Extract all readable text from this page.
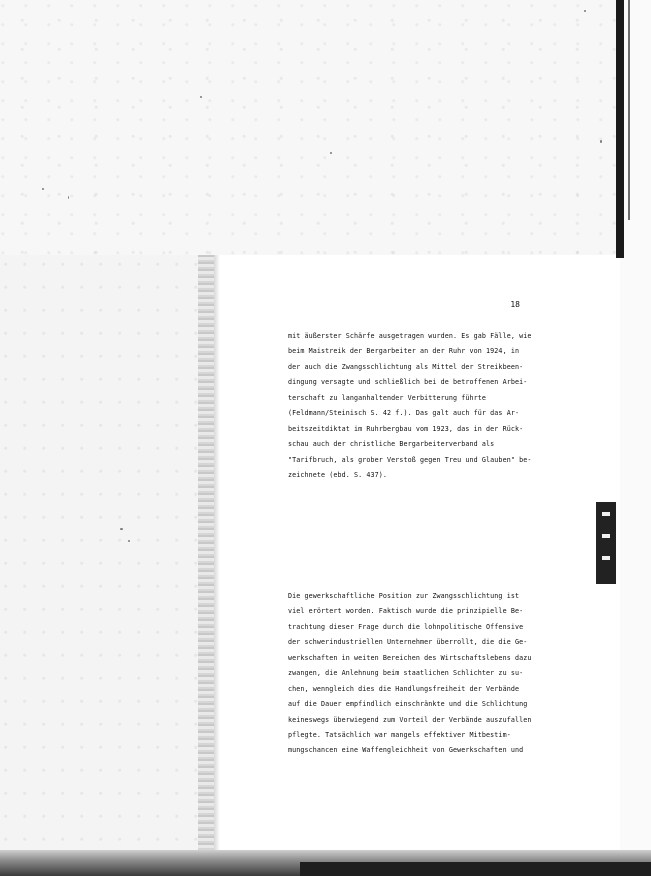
18
mit äußerster Schärfe ausgetragen wurden. Es gab Fälle, wie
beim Maistreik der Bergarbeiter an der Ruhr von 1924, in
der auch die Zwangsschlichtung als Mittel der Streikbeen-
dingung versagte und schließlich bei de betroffenen Arbei-
terschaft zu langanhaltender Verbitterung führte
(Feldmann/Steinisch S. 42 f.). Das galt auch für das Ar-
beitszeitdiktat im Ruhrbergbau vom 1923, das in der Rück-
schau auch der christliche Bergarbeiterverband als
"Tarifbruch, als grober Verstoß gegen Treu und Glauben" be-
zeichnete (ebd. S. 437).
Die gewerkschaftliche Position zur Zwangsschlichtung ist
viel erörtert worden. Faktisch wurde die prinzipielle Be-
trachtung dieser Frage durch die lohnpolitische Offensive
der schwerindustriellen Unternehmer überrollt, die die Ge-
werkschaften in weiten Bereichen des Wirtschaftslebens dazu
zwangen, die Anlehnung beim staatlichen Schlichter zu su-
chen, wenngleich dies die Handlungsfreiheit der Verbände
auf die Dauer empfindlich einschränkte und die Schlichtung
keineswegs überwiegend zum Vorteil der Verbände auszufallen
pflegte. Tatsächlich war mangels effektiver Mitbestim-
mungschancen eine Waffengleichheit von Gewerkschaften und
